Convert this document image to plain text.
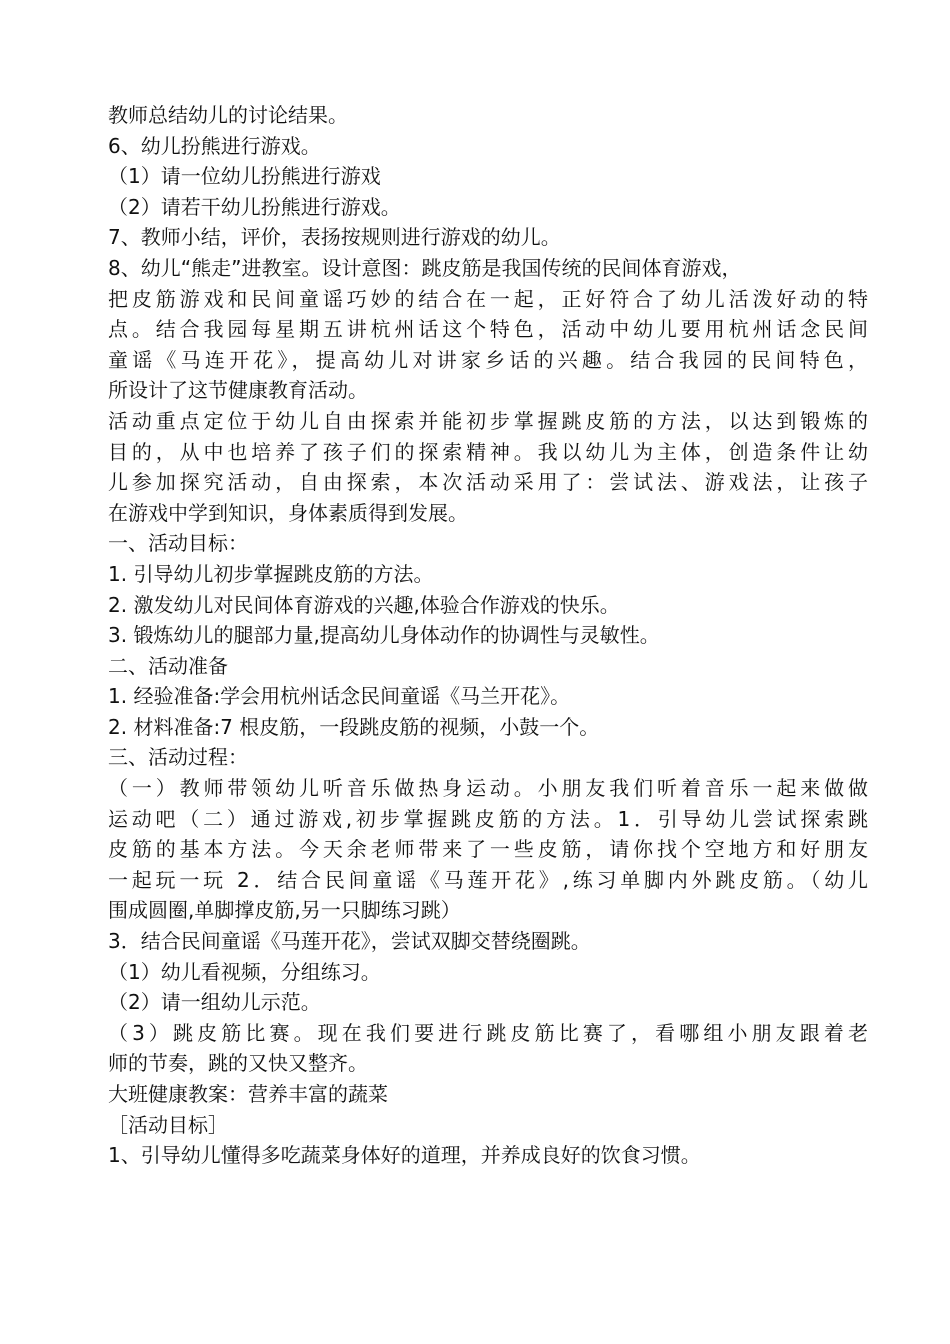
教师总结幼儿的讨论结果。
6、幼儿扮熊进行游戏。
（1）请一位幼儿扮熊进行游戏
（2）请若干幼儿扮熊进行游戏。
7、教师小结，评价，表扬按规则进行游戏的幼儿。
8、幼儿“熊走”进教室。设计意图：跳皮筋是我国传统的民间体育游戏，
把皮筋游戏和民间童谣巧妙的结合在一起，正好符合了幼儿活泼好动的特
点。结合我园每星期五讲杭州话这个特色，活动中幼儿要用杭州话念民间
童谣《马连开花》，提高幼儿对讲家乡话的兴趣。结合我园的民间特色，
所设计了这节健康教育活动。
活动重点定位于幼儿自由探索并能初步掌握跳皮筋的方法，以达到锻炼的
目的，从中也培养了孩子们的探索精神。我以幼儿为主体，创造条件让幼
儿参加探究活动，自由探索，本次活动采用了：尝试法、游戏法，让孩子
在游戏中学到知识，身体素质得到发展。
一、活动目标：
1. 引导幼儿初步掌握跳皮筋的方法。
2. 激发幼儿对民间体育游戏的兴趣,体验合作游戏的快乐。
3. 锻炼幼儿的腿部力量,提高幼儿身体动作的协调性与灵敏性。
二、活动准备
1. 经验准备:学会用杭州话念民间童谣《马兰开花》。
2. 材料准备:7 根皮筋，一段跳皮筋的视频，小鼓一个。
三、活动过程：
（一）教师带领幼儿听音乐做热身运动。小朋友我们听着音乐一起来做做
运动吧（二）通过游戏,初步掌握跳皮筋的方法。1．引导幼儿尝试探索跳
皮筋的基本方法。今天余老师带来了一些皮筋，请你找个空地方和好朋友
一起玩一玩 2．结合民间童谣《马莲开花》,练习单脚内外跳皮筋。（幼儿
围成圆圈,单脚撑皮筋,另一只脚练习跳）
3．结合民间童谣《马莲开花》，尝试双脚交替绕圈跳。
（1）幼儿看视频，分组练习。
（2）请一组幼儿示范。
（3）跳皮筋比赛。现在我们要进行跳皮筋比赛了，看哪组小朋友跟着老
师的节奏，跳的又快又整齐。
大班健康教案：营养丰富的蔬菜
［活动目标］
1、引导幼儿懂得多吃蔬菜身体好的道理，并养成良好的饮食习惯。
